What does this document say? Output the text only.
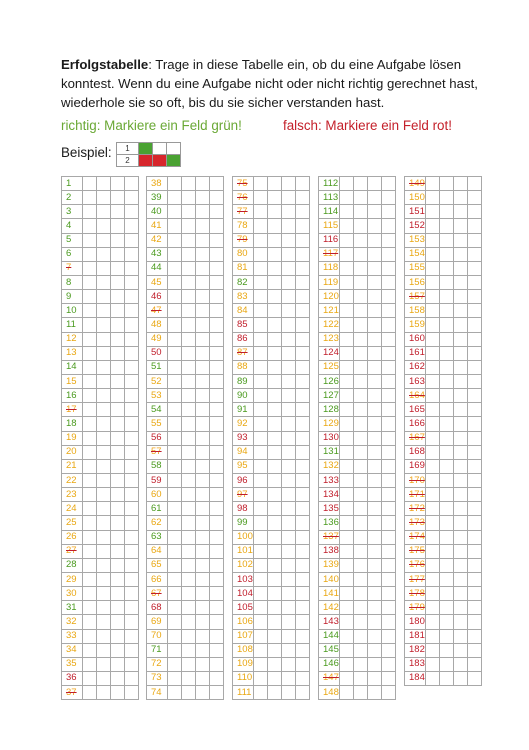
Erfolgstabelle: Trage in diese Tabelle ein, ob du eine Aufgabe lösen konntest. Wenn du eine Aufgabe nicht oder nicht richtig gerechnet hast, wiederhole sie so oft, bis du sie sicher verstanden hast.
richtig: Markiere ein Feld grün!	falsch: Markiere ein Feld rot!
Beispiel: 1			
2			
1				
2				
3				
4				
5				
6				
7				
8				
9				
10				
11				
12				
13				
14				
15				
16				
17				
18				
19				
20				
21				
22				
23				
24				
25				
26				
27				
28				
29				
30				
31				
32				
33				
34				
35				
36				
37				
38				
39				
40				
41				
42				
43				
44				
45				
46				
47				
48				
49				
50				
51				
52				
53				
54				
55				
56				
57				
58				
59				
60				
61				
62				
63				
64				
65				
66				
67				
68				
69				
70				
71				
72				
73				
74				
75				
76				
77				
78				
79				
80				
81				
82				
83				
84				
85				
86				
87				
88				
89				
90				
91				
92				
93				
94				
95				
96				
97				
98				
99				
100				
101				
102				
103				
104				
105				
106				
107				
108				
109				
110				
111				
112				
113				
114				
115				
116				
117				
118				
119				
120				
121				
122				
123				
124				
125				
126				
127				
128				
129				
130				
131				
132				
133				
134				
135				
136				
137				
138				
139				
140				
141				
142				
143				
144				
145				
146				
147				
148				
149				
150				
151				
152				
153				
154				
155				
156				
157				
158				
159				
160				
161				
162				
163				
164				
165				
166				
167				
168				
169				
170				
171				
172				
173				
174				
175				
176				
177				
178				
179				
180				
181				
182				
183				
184				
